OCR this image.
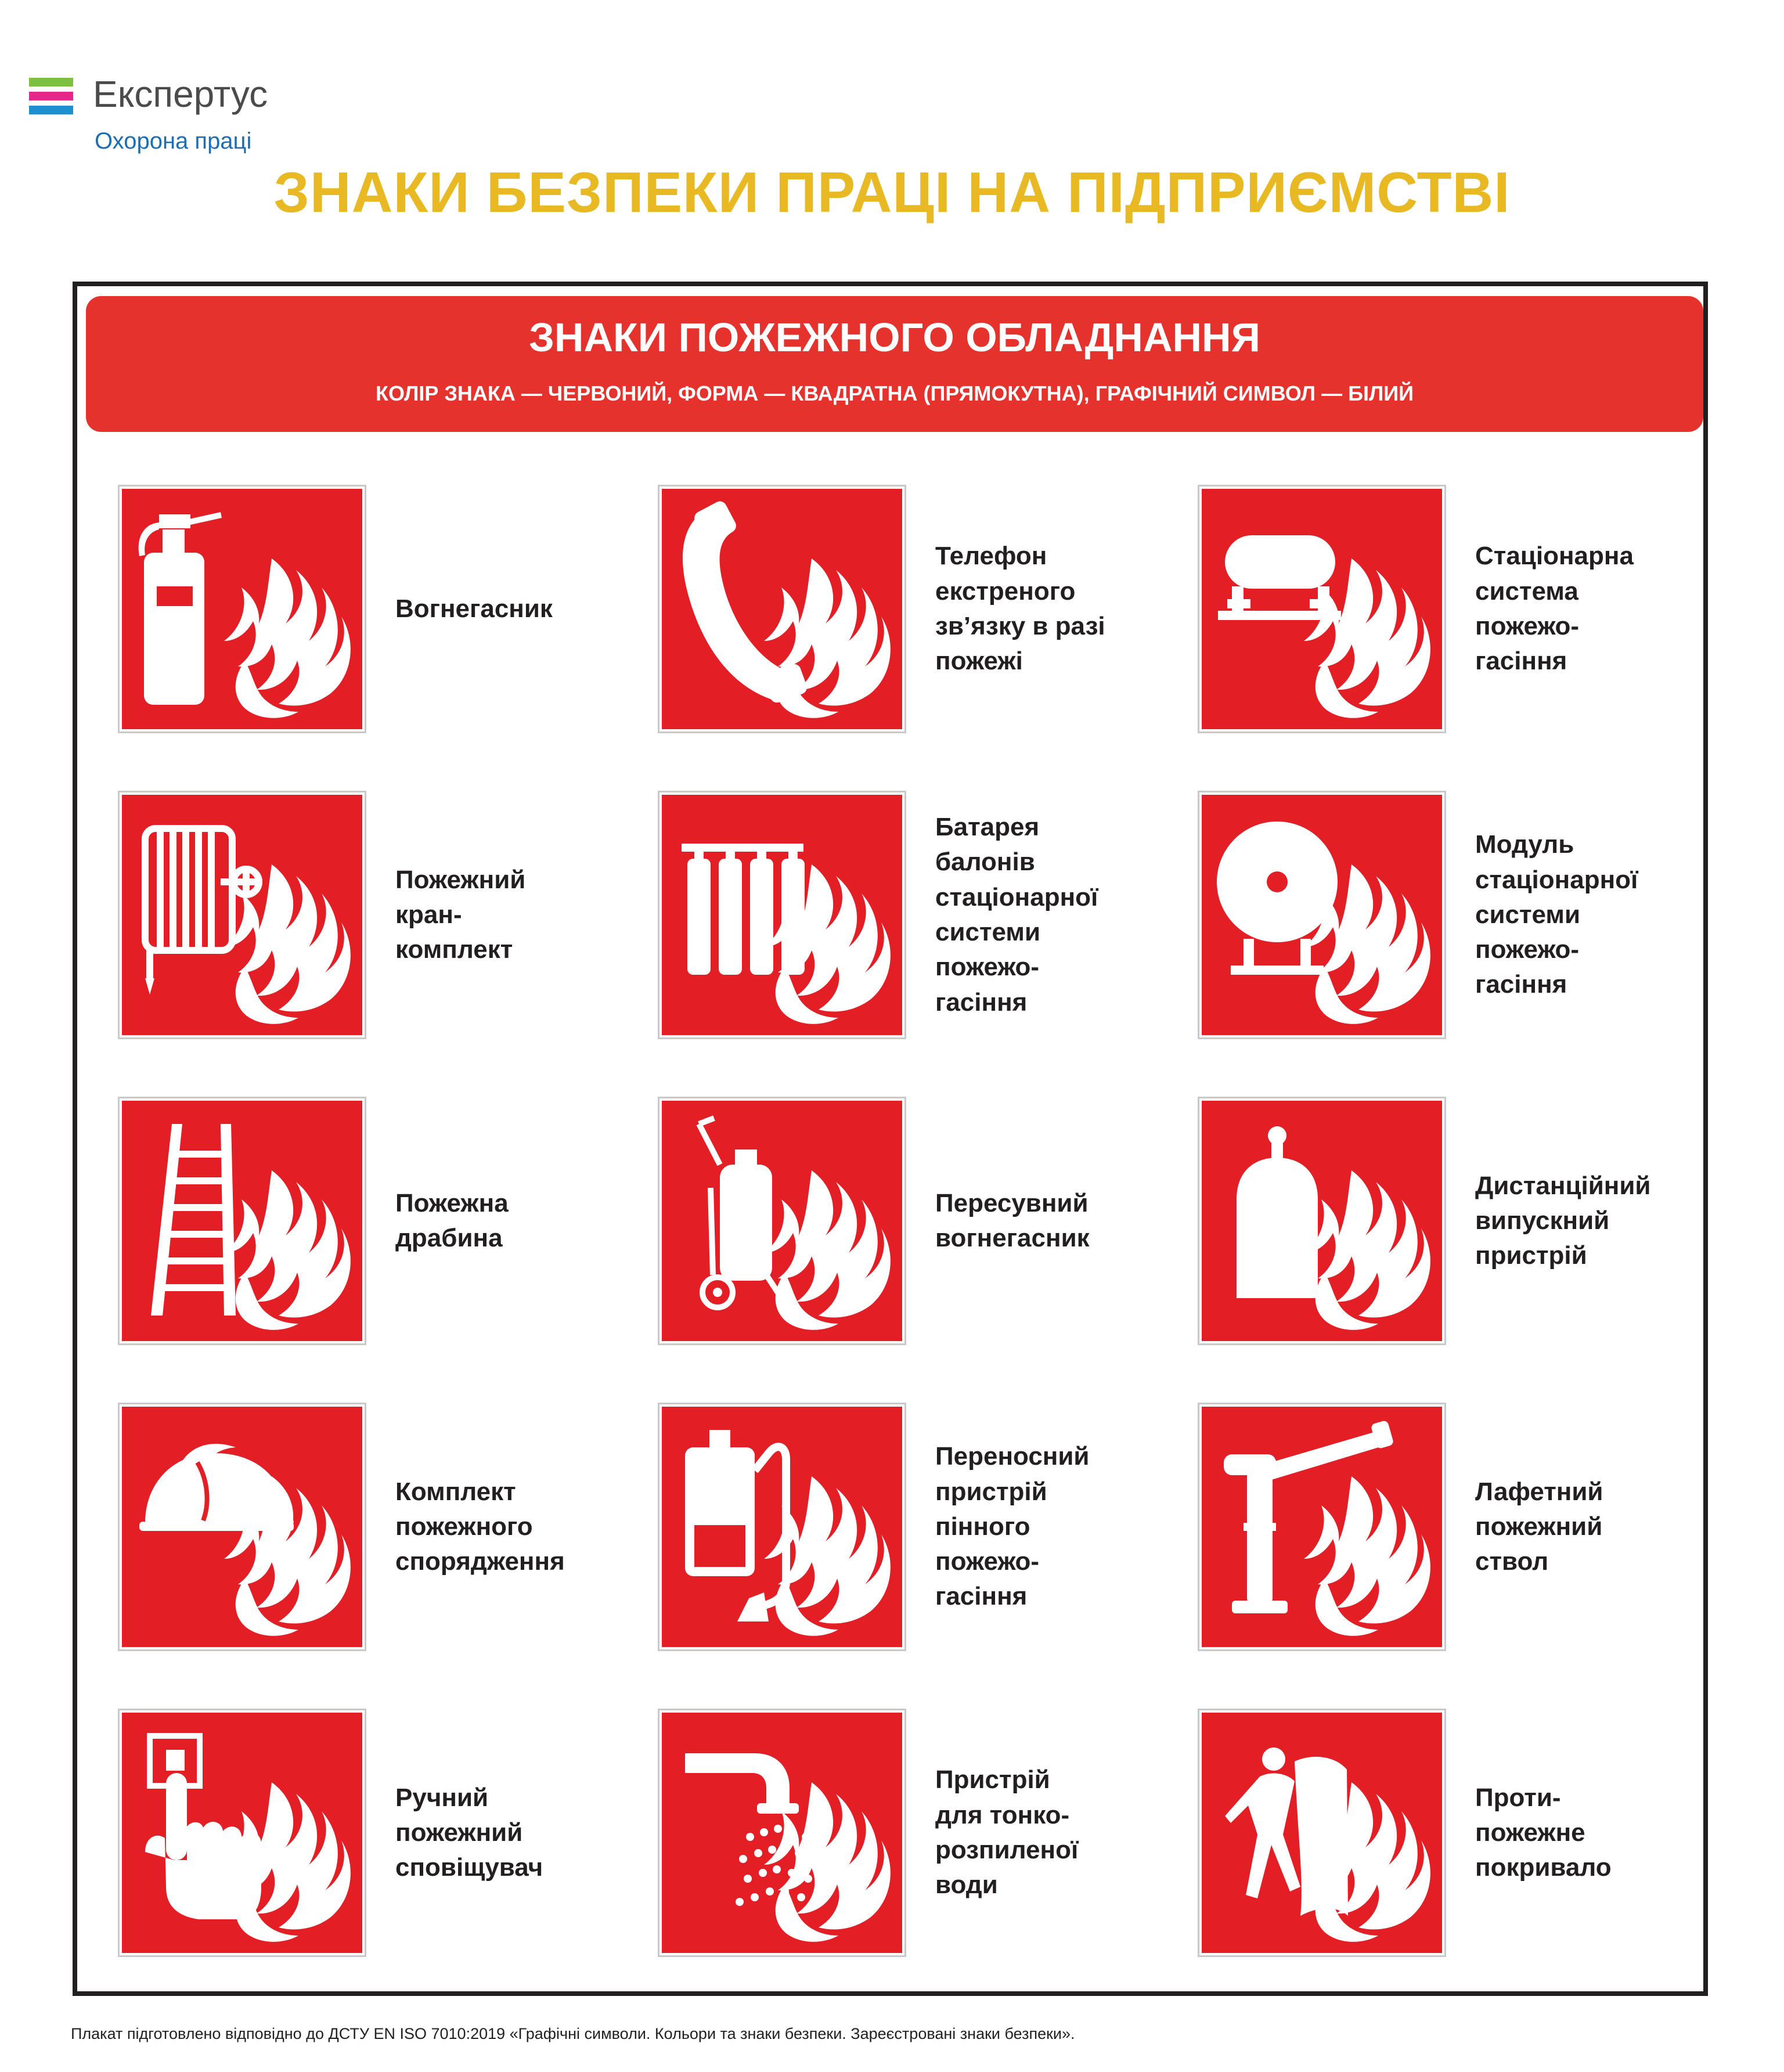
Експертус
Охорона праці
ЗНАКИ БЕЗПЕКИ ПРАЦІ НА ПІДПРИЄМСТВІ
ЗНАКИ ПОЖЕЖНОГО ОБЛАДНАННЯ
КОЛІР ЗНАКА — ЧЕРВОНИЙ, ФОРМА — КВАДРАТНА (ПРЯМОКУТНА), ГРАФІЧНИЙ СИМВОЛ — БІЛИЙ
Вогнегасник
Телефон
екстреного
зв’язку в разі
пожежі
Стаціонарна
система
пожежо-
гасіння
Пожежний
кран-
комплект
Батарея
балонів
стаціонарної
системи
пожежо-
гасіння
Модуль
стаціонарної
системи
пожежо-
гасіння
Пожежна
драбина
Пересувний
вогнегасник
Дистанційний
випускний
пристрій
Комплект
пожежного
спорядження
Переносний
пристрій
пінного
пожежо-
гасіння
Лафетний
пожежний
ствол
Ручний
пожежний
сповіщувач
Пристрій
для тонко-
розпиленої
води
Проти-
пожежне
покривало
Плакат підготовлено відповідно до ДСТУ EN ISO 7010:2019 «Графічні символи. Кольори та знаки безпеки. Зареєстровані знаки безпеки».
